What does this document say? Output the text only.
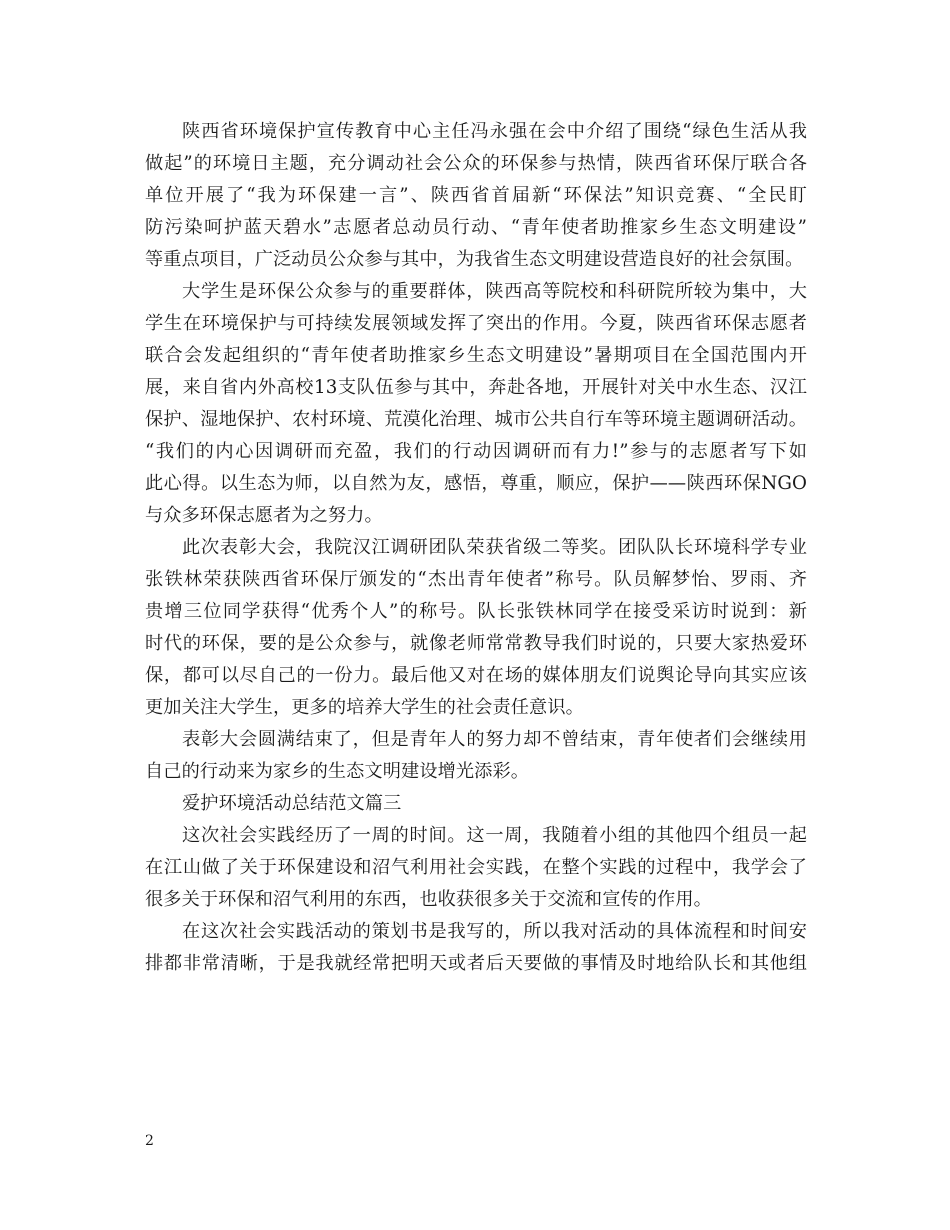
陕西省环境保护宣传教育中心主任冯永强在会中介绍了围绕“绿色生活从我
做起”的环境日主题，充分调动社会公众的环保参与热情，陕西省环保厅联合各
单位开展了“我为环保建一言”、陕西省首届新“环保法”知识竞赛、“全民盯
防污染呵护蓝天碧水”志愿者总动员行动、“青年使者助推家乡生态文明建设”
等重点项目，广泛动员公众参与其中，为我省生态文明建设营造良好的社会氛围。
大学生是环保公众参与的重要群体，陕西高等院校和科研院所较为集中，大
学生在环境保护与可持续发展领域发挥了突出的作用。今夏，陕西省环保志愿者
联合会发起组织的“青年使者助推家乡生态文明建设”暑期项目在全国范围内开
展，来自省内外高校13支队伍参与其中，奔赴各地，开展针对关中水生态、汉江
保护、湿地保护、农村环境、荒漠化治理、城市公共自行车等环境主题调研活动。
“我们的内心因调研而充盈，我们的行动因调研而有力!”参与的志愿者写下如
此心得。以生态为师，以自然为友，感悟，尊重，顺应，保护——陕西环保NGO
与众多环保志愿者为之努力。
此次表彰大会，我院汉江调研团队荣获省级二等奖。团队队长环境科学专业
张铁林荣获陕西省环保厅颁发的“杰出青年使者”称号。队员解梦怡、罗雨、齐
贵增三位同学获得“优秀个人”的称号。队长张铁林同学在接受采访时说到：新
时代的环保，要的是公众参与，就像老师常常教导我们时说的，只要大家热爱环
保，都可以尽自己的一份力。最后他又对在场的媒体朋友们说舆论导向其实应该
更加关注大学生，更多的培养大学生的社会责任意识。
表彰大会圆满结束了，但是青年人的努力却不曾结束，青年使者们会继续用
自己的行动来为家乡的生态文明建设增光添彩。
爱护环境活动总结范文篇三
这次社会实践经历了一周的时间。这一周，我随着小组的其他四个组员一起
在江山做了关于环保建设和沼气利用社会实践，在整个实践的过程中，我学会了
很多关于环保和沼气利用的东西，也收获很多关于交流和宣传的作用。
在这次社会实践活动的策划书是我写的，所以我对活动的具体流程和时间安
排都非常清晰，于是我就经常把明天或者后天要做的事情及时地给队长和其他组
2
